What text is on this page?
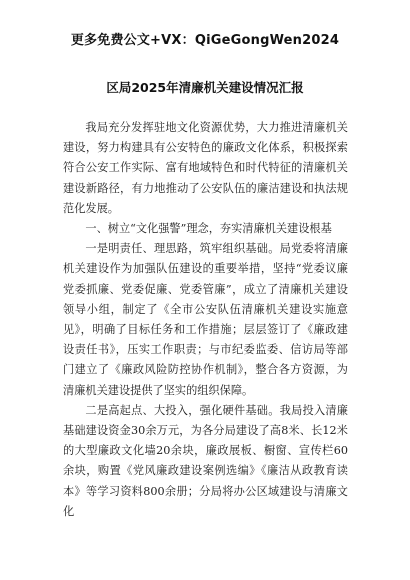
更多免费公文+VX：QiGeGongWen2024
区局2025年清廉机关建设情况汇报

我局充分发挥驻地文化资源优势，大力推进清廉机关建设，努力构建具有公安特色的廉政文化体系，积极探索符合公安工作实际、富有地域特色和时代特征的清廉机关建设新路径，有力地推动了公安队伍的廉洁建设和执法规范化发展。

一、树立“文化强警”理念，夯实清廉机关建设根基

一是明责任、理思路，筑牢组织基础。局党委将清廉机关建设作为加强队伍建设的重要举措，坚持“党委议廉党委抓廉、党委促廉、党委管廉”，成立了清廉机关建设领导小组，制定了《全市公安队伍清廉机关建设实施意见》，明确了目标任务和工作措施；层层签订了《廉政建设责任书》，压实工作职责；与市纪委监委、信访局等部门建立了《廉政风险防控协作机制》，整合各方资源，为清廉机关建设提供了坚实的组织保障。

二是高起点、大投入，强化硬件基础。我局投入清廉基础建设资金30余万元，为各分局建设了高8米、长12米的大型廉政文化墙20余块，廉政展板、橱窗、宣传栏60余块，购置《党风廉政建设案例选编》《廉洁从政教育读本》等学习资料800余册；分局将办公区域建设与清廉文化
